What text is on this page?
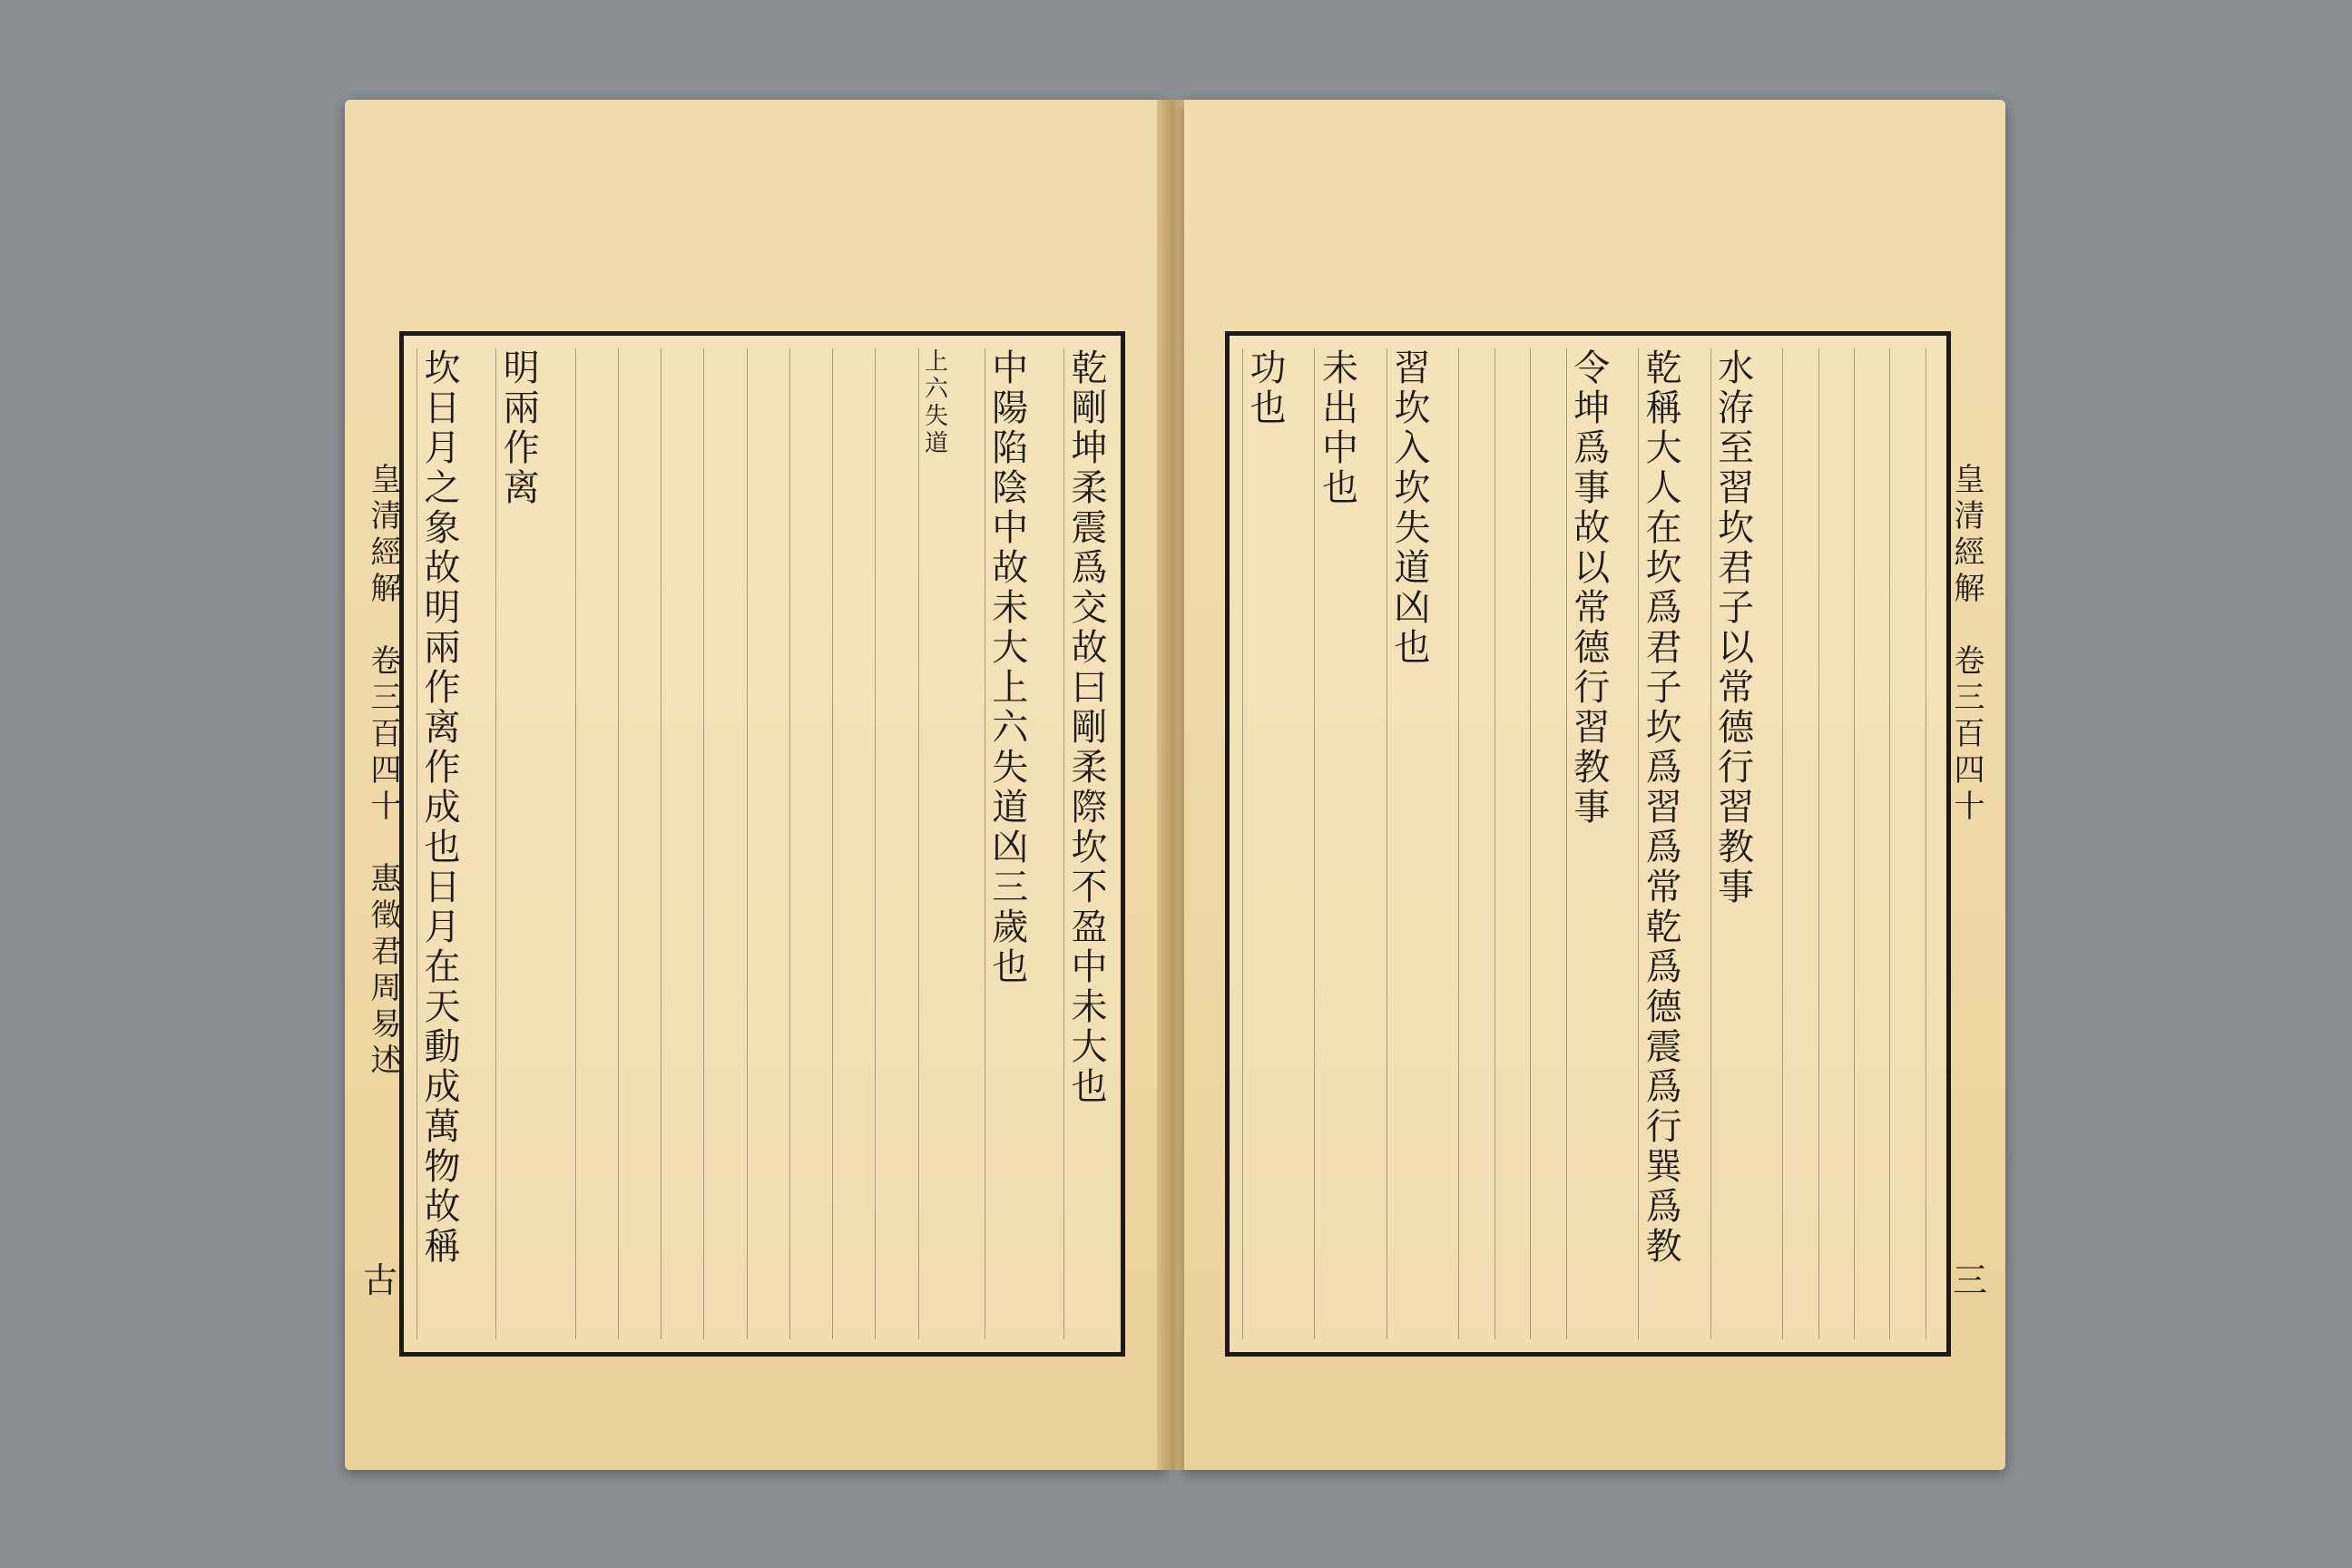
皇清經解　卷三百四十　惠徵君周易述
古
乾剛坤柔震爲交故曰剛柔際坎不盈中未大也
中陽陷陰中故未大上六失道凶三歲也
上六失道
明兩作离
坎日月之象故明兩作离作成也日月在天動成萬物故稱	皇清經解　卷三百四十
三
水洊至習坎君子以常德行習教事
乾稱大人在坎爲君子坎爲習爲常乾爲德震爲行巽爲教
令坤爲事故以常德行習教事
習坎入坎失道凶也
未出中也
功也
